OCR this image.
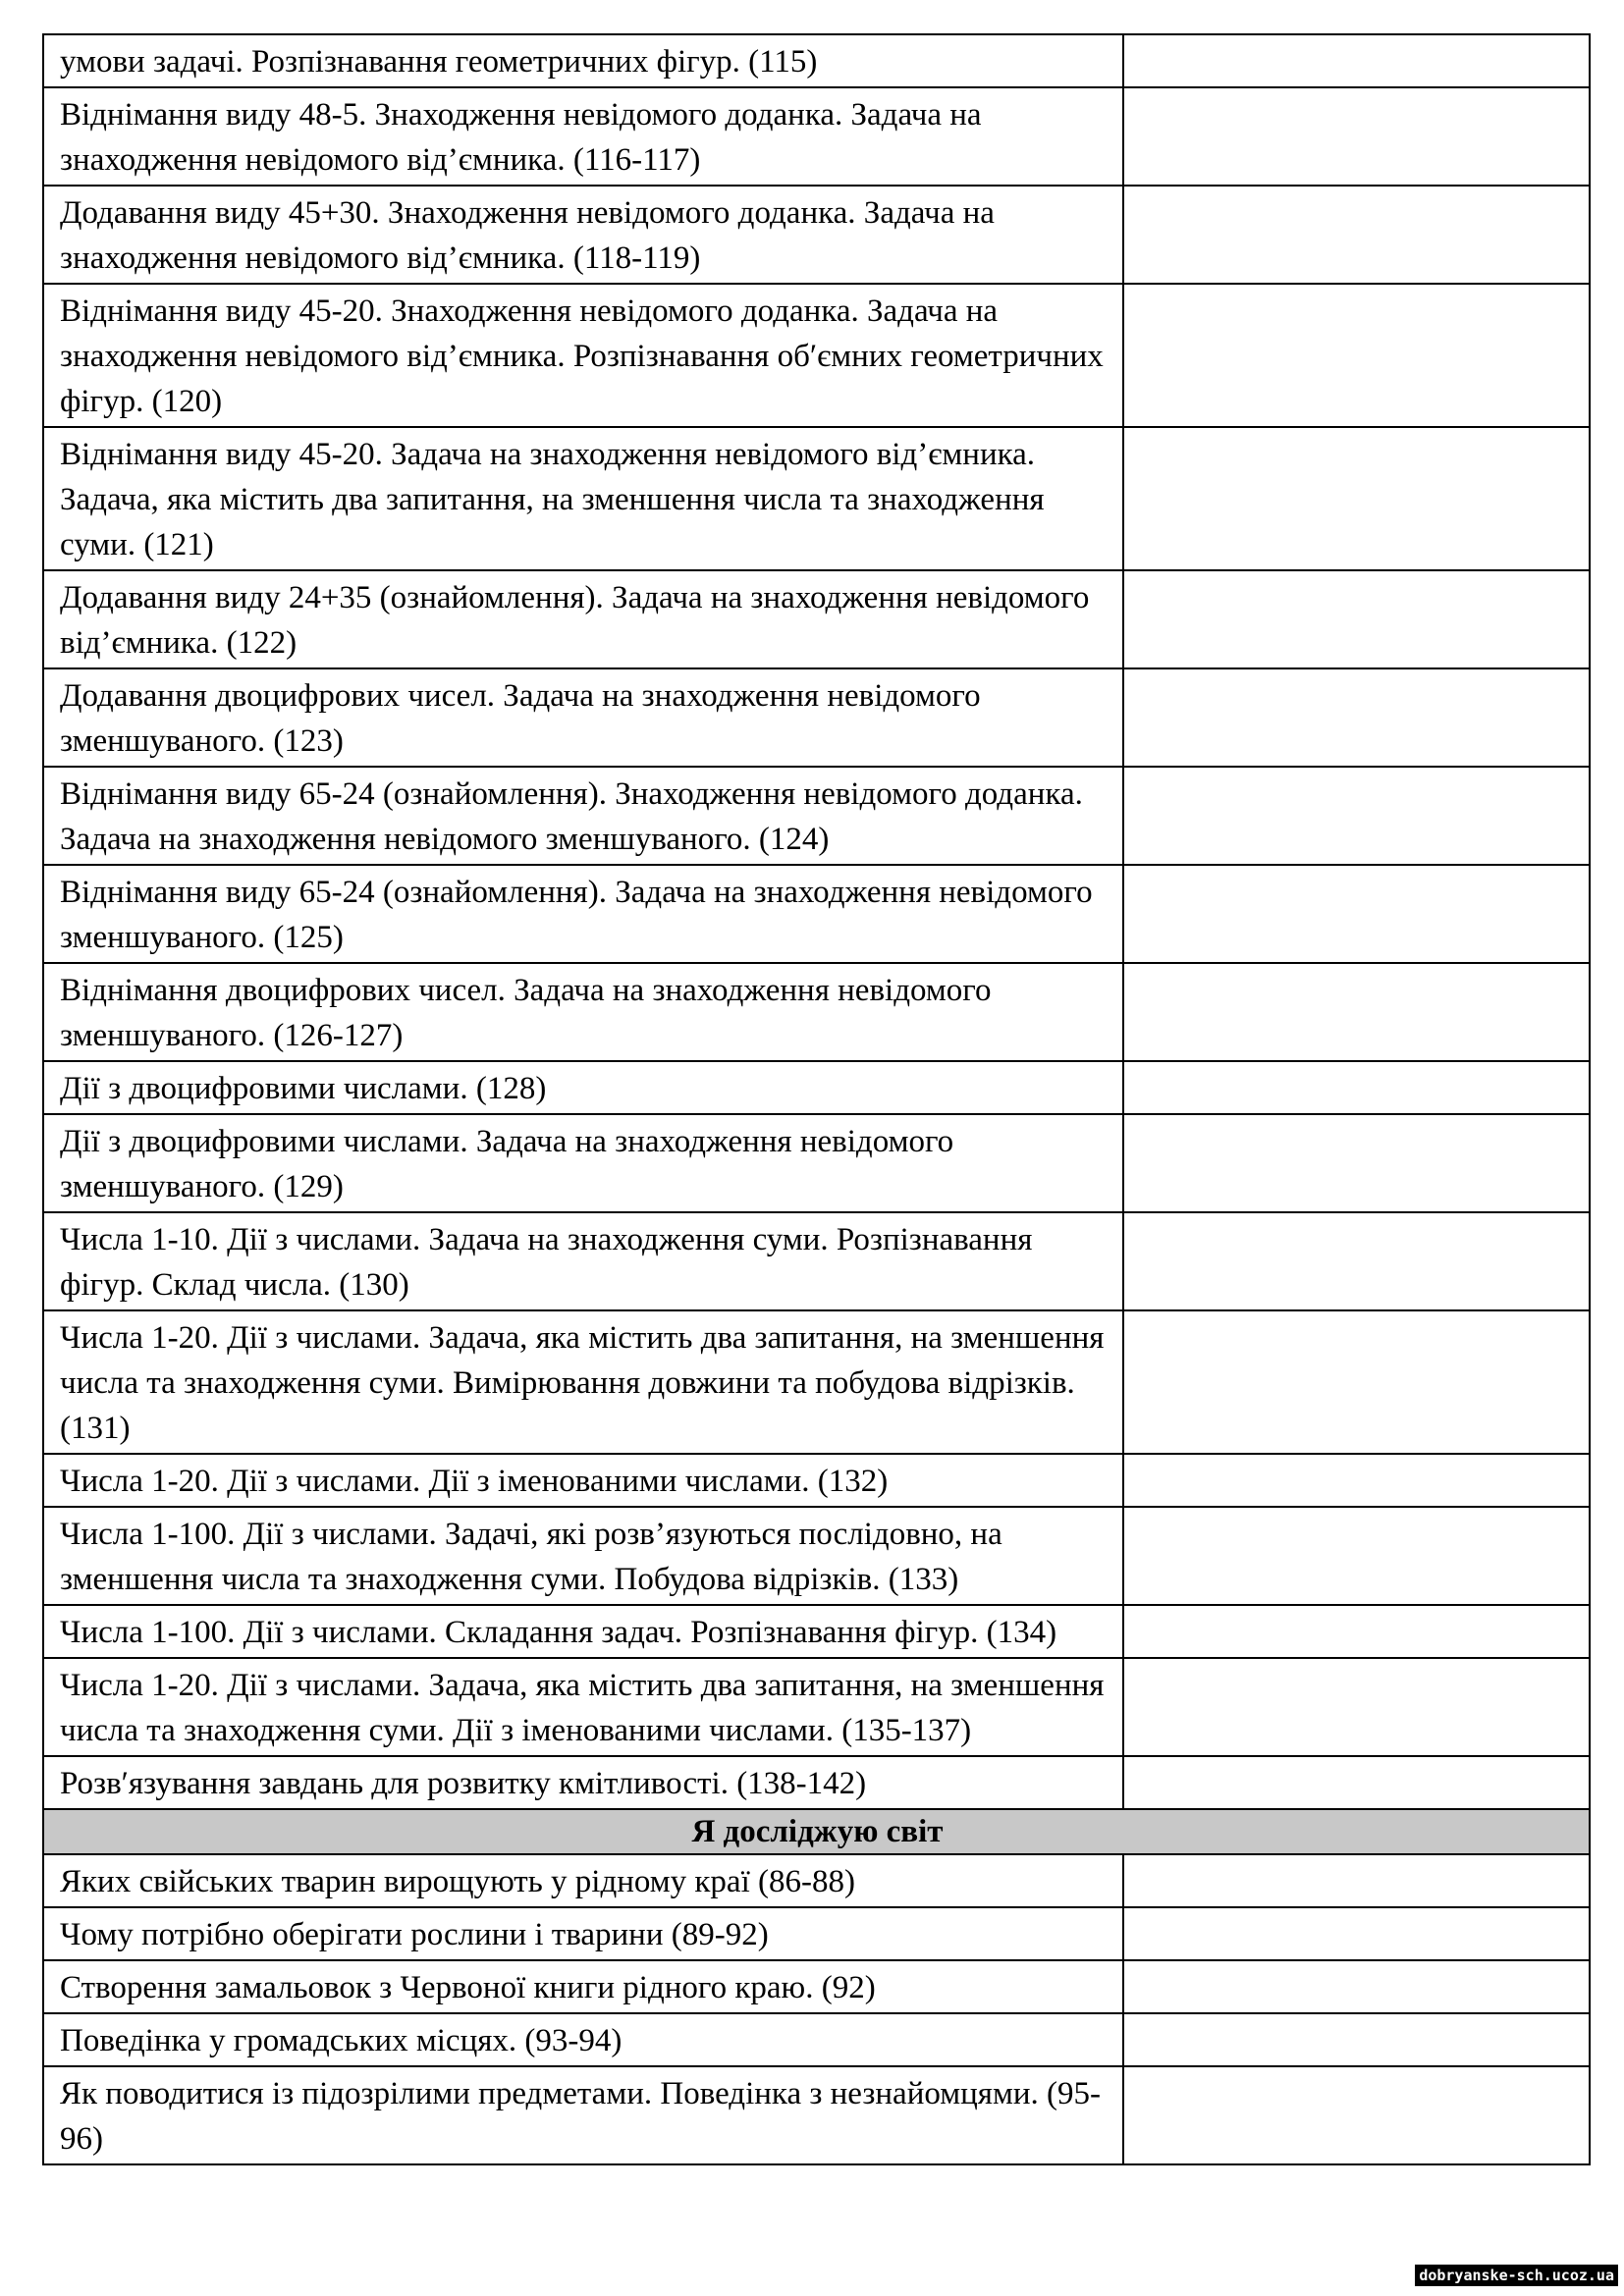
умови задачі. Розпізнавання геометричних фігур. (115)	
Віднімання виду 48-5. Знаходження невідомого доданка. Задача на знаходження невідомого від’ємника. (116-117)	
Додавання виду 45+30. Знаходження невідомого доданка. Задача на знаходження невідомого від’ємника. (118-119)	
Віднімання виду 45-20. Знаходження невідомого доданка. Задача на знаходження невідомого від’ємника. Розпізнавання об′ємних геометричних фігур. (120)	
Віднімання виду 45-20. Задача на знаходження невідомого від’ємника. Задача, яка містить два запитання, на зменшення числа та знаходження суми. (121)	
Додавання виду 24+35 (ознайомлення). Задача на знаходження невідомого від’ємника. (122)	
Додавання двоцифрових чисел. Задача на знаходження невідомого зменшуваного. (123)	
Віднімання виду 65-24 (ознайомлення). Знаходження невідомого доданка. Задача на знаходження невідомого зменшуваного. (124)	
Віднімання виду 65-24 (ознайомлення). Задача на знаходження невідомого зменшуваного. (125)	
Віднімання двоцифрових чисел. Задача на знаходження невідомого зменшуваного. (126-127)	
Дії з двоцифровими числами. (128)	
Дії з двоцифровими числами. Задача на знаходження невідомого зменшуваного. (129)	
Числа 1-10. Дії з числами. Задача на знаходження суми. Розпізнавання фігур. Склад числа. (130)	
Числа 1-20. Дії з числами. Задача, яка містить два запитання, на зменшення числа та знаходження суми. Вимірювання довжини та побудова відрізків. (131)	
Числа 1-20. Дії з числами. Дії з іменованими числами. (132)	
Числа 1-100. Дії з числами. Задачі, які розв’язуються послідовно, на зменшення числа та знаходження суми. Побудова відрізків. (133)	
Числа 1-100. Дії з числами. Складання задач. Розпізнавання фігур. (134)	
Числа 1-20. Дії з числами. Задача, яка містить два запитання, на зменшення числа та знаходження суми. Дії з іменованими числами. (135-137)	
Розв′язування завдань для розвитку кмітливості. (138-142)	
Я досліджую світ	
Яких свійських тварин вирощують у рідному краї (86-88)	
Чому потрібно оберігати рослини і тварини (89-92)	
Створення замальовок з Червоної книги рідного краю. (92)	
Поведінка у громадських місцях. (93-94)	
Як поводитися із підозрілими предметами. Поведінка з незнайомцями. (95-96)	
dobryanske-sch.ucoz.ua
